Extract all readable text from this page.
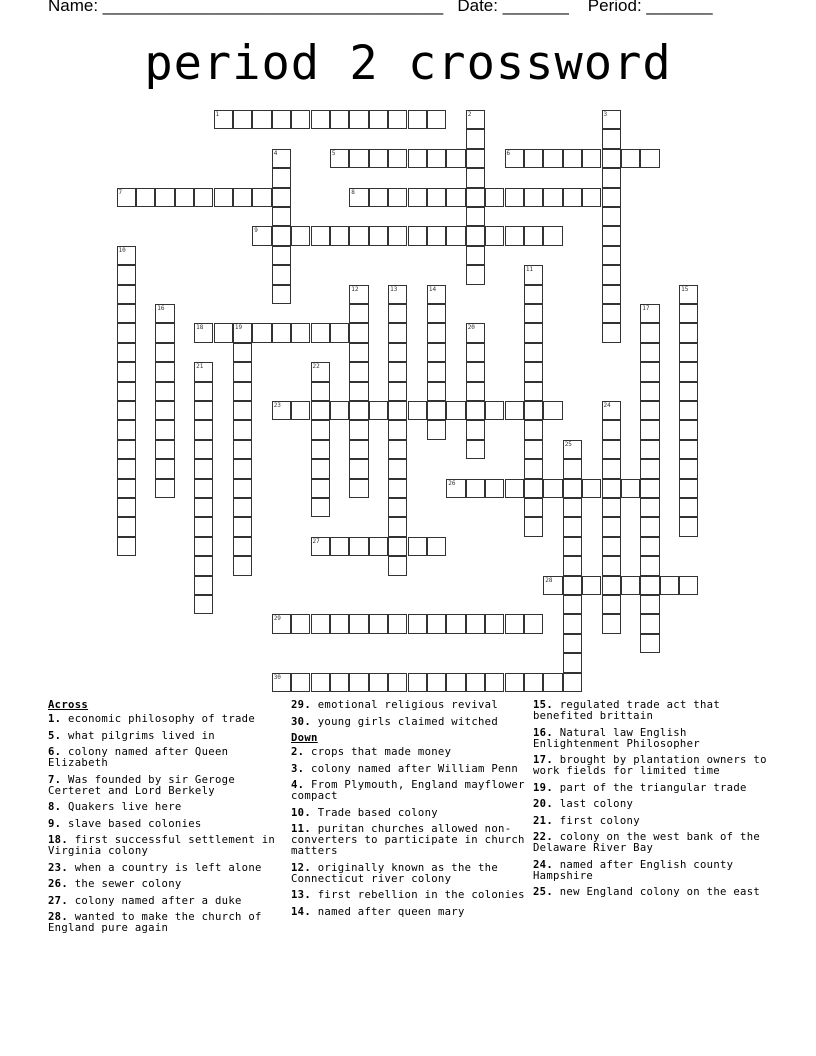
Name: ____________________________________ Date: _______ Period: _______
period 2 crossword
1	2	3
4	5	6
7	8
9
10
11
12	13	14	15
16	17
18	19	20
21	22
23	24
25
26
27
28
29
30
Across
1. economic philosophy of trade
5. what pilgrims lived in
6. colony named after Queen Elizabeth
7. Was founded by sir Geroge Certeret and Lord Berkely
8. Quakers live here
9. slave based colonies
18. first successful settlement in Virginia colony
23. when a country is left alone
26. the sewer colony
27. colony named after a duke
28. wanted to make the church of England pure again
29. emotional religious revival
30. young girls claimed witched
Down
2. crops that made money
3. colony named after William Penn
4. From Plymouth, England mayflower compact
10. Trade based colony
11. puritan churches allowed non-converters to participate in church matters
12. originally known as the the Connecticut river colony
13. first rebellion in the colonies
14. named after queen mary
15. regulated trade act that benefited brittain
16. Natural law English Enlightenment Philosopher
17. brought by plantation owners to work fields for limited time
19. part of the triangular trade
20. last colony
21. first colony
22. colony on the west bank of the Delaware River Bay
24. named after English county Hampshire
25. new England colony on the east
